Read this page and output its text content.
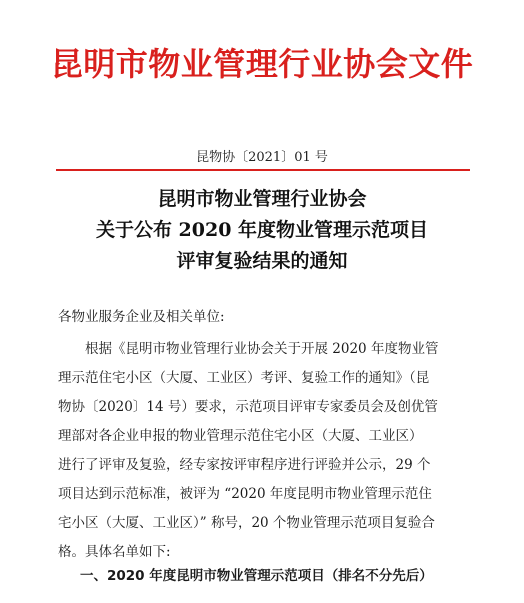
昆明市物业管理行业协会文件
昆物协〔2021〕01 号
昆明市物业管理行业协会
关于公布 2020 年度物业管理示范项目
评审复验结果的通知
各物业服务企业及相关单位:
根据《昆明市物业管理行业协会关于开展 2020 年度物业管
理示范住宅小区（大厦、工业区）考评、复验工作的通知》（昆
物协〔2020〕14 号）要求，示范项目评审专家委员会及创优管
理部对各企业申报的物业管理示范住宅小区（大厦、工业区）
进行了评审及复验，经专家按评审程序进行评验并公示，29 个
项目达到示范标准，被评为 “2020 年度昆明市物业管理示范住
宅小区（大厦、工业区）” 称号，20 个物业管理示范项目复验合
格。具体名单如下:
一、2020 年度昆明市物业管理示范项目（排名不分先后）
